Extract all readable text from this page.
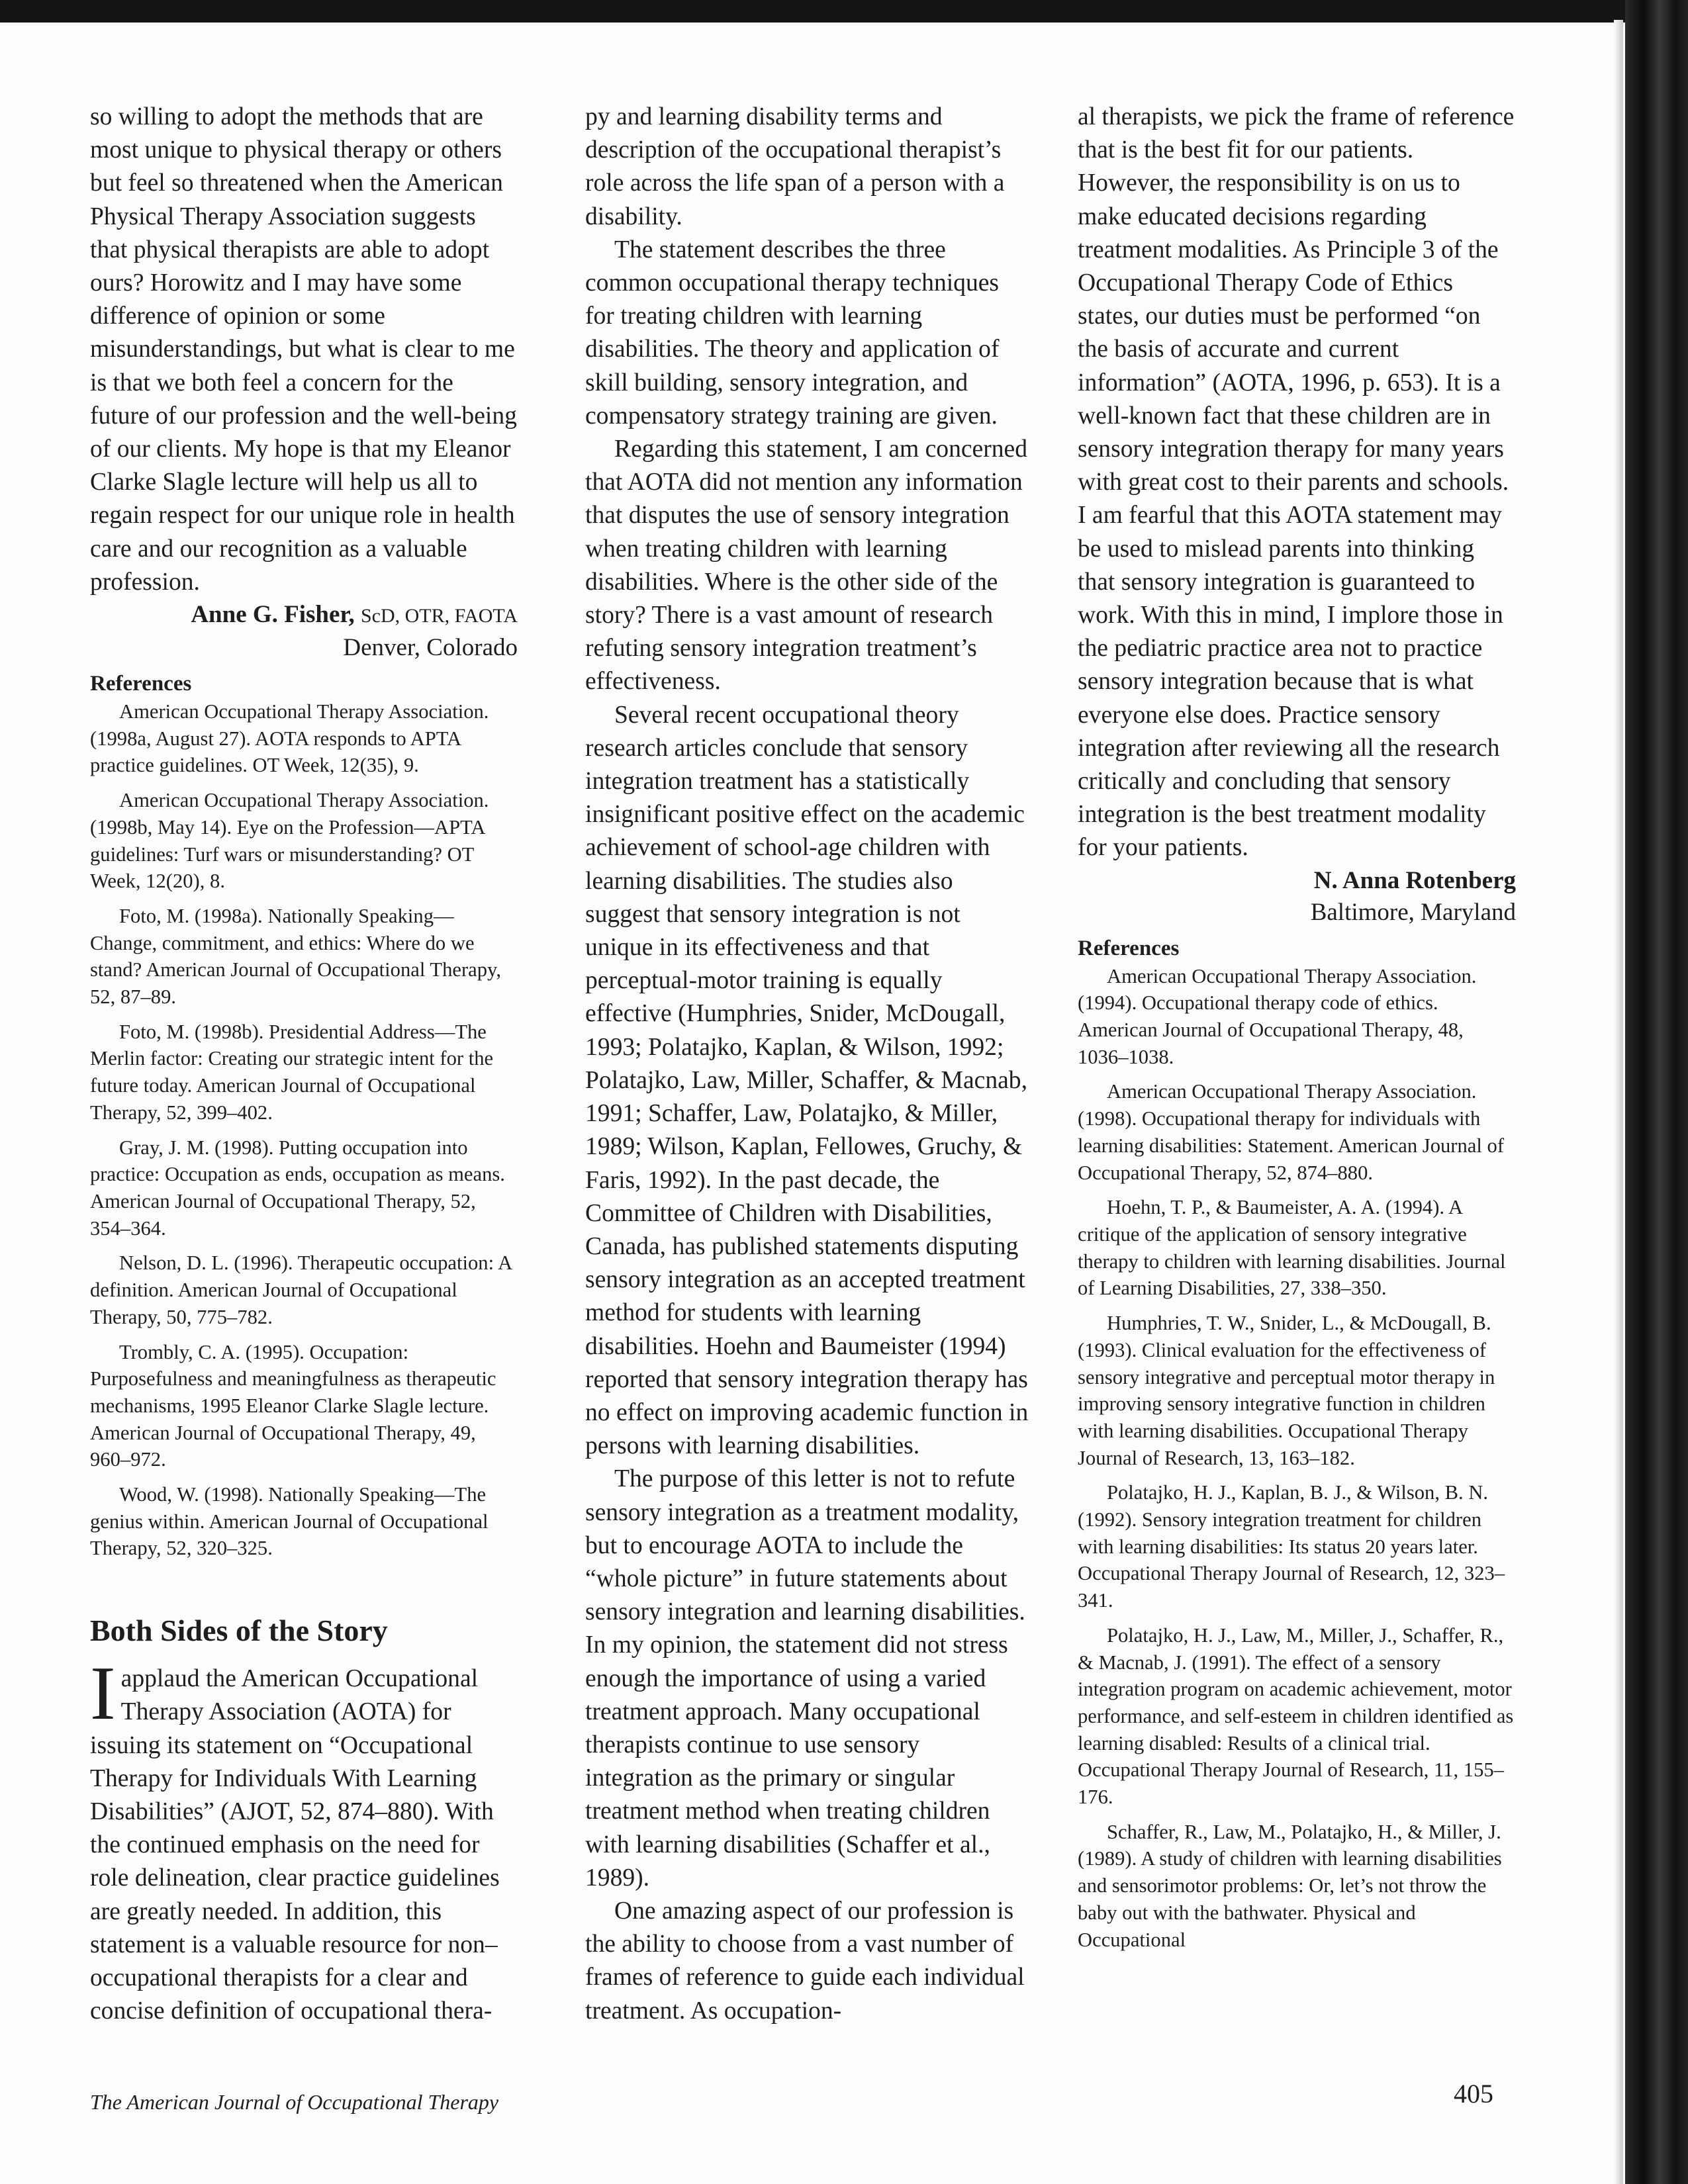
so willing to adopt the methods that are most unique to physical therapy or others but feel so threatened when the American Physical Therapy Association suggests that physical therapists are able to adopt ours? Horowitz and I may have some difference of opinion or some misunderstandings, but what is clear to me is that we both feel a concern for the future of our profession and the well-being of our clients. My hope is that my Eleanor Clarke Slagle lecture will help us all to regain respect for our unique role in health care and our recognition as a valuable profession.

Anne G. Fisher, ScD, OTR, FAOTA
Denver, Colorado
References

American Occupational Therapy Association. (1998a, August 27). AOTA responds to APTA practice guidelines. OT Week, 12(35), 9.

American Occupational Therapy Association. (1998b, May 14). Eye on the Profession—APTA guidelines: Turf wars or misunderstanding? OT Week, 12(20), 8.

Foto, M. (1998a). Nationally Speaking—Change, commitment, and ethics: Where do we stand? American Journal of Occupational Therapy, 52, 87–89.

Foto, M. (1998b). Presidential Address—The Merlin factor: Creating our strategic intent for the future today. American Journal of Occupational Therapy, 52, 399–402.

Gray, J. M. (1998). Putting occupation into practice: Occupation as ends, occupation as means. American Journal of Occupational Therapy, 52, 354–364.

Nelson, D. L. (1996). Therapeutic occupation: A definition. American Journal of Occupational Therapy, 50, 775–782.

Trombly, C. A. (1995). Occupation: Purposefulness and meaningfulness as therapeutic mechanisms, 1995 Eleanor Clarke Slagle lecture. American Journal of Occupational Therapy, 49, 960–972.

Wood, W. (1998). Nationally Speaking—The genius within. American Journal of Occupational Therapy, 52, 320–325.

Both Sides of the Story

Iapplaud the American Occupational Therapy Association (AOTA) for issuing its statement on “Occupational Therapy for Individuals With Learning Disabilities” (AJOT, 52, 874–880). With the continued emphasis on the need for role delineation, clear practice guidelines are greatly needed. In addition, this statement is a valuable resource for non–occupational therapists for a clear and concise definition of occupational thera-

py and learning disability terms and description of the occupational therapist’s role across the life span of a person with a disability.

The statement describes the three common occupational therapy techniques for treating children with learning disabilities. The theory and application of skill building, sensory integration, and compensatory strategy training are given.

Regarding this statement, I am concerned that AOTA did not mention any information that disputes the use of sensory integration when treating children with learning disabilities. Where is the other side of the story? There is a vast amount of research refuting sensory integration treatment’s effectiveness.

Several recent occupational theory research articles conclude that sensory integration treatment has a statistically insignificant positive effect on the academic achievement of school-age children with learning disabilities. The studies also suggest that sensory integration is not unique in its effectiveness and that perceptual-motor training is equally effective (Humphries, Snider, McDougall, 1993; Polatajko, Kaplan, & Wilson, 1992; Polatajko, Law, Miller, Schaffer, & Macnab, 1991; Schaffer, Law, Polatajko, & Miller, 1989; Wilson, Kaplan, Fellowes, Gruchy, & Faris, 1992). In the past decade, the Committee of Children with Disabilities, Canada, has published statements disputing sensory integration as an accepted treatment method for students with learning disabilities. Hoehn and Baumeister (1994) reported that sensory integration therapy has no effect on improving academic function in persons with learning disabilities.

The purpose of this letter is not to refute sensory integration as a treatment modality, but to encourage AOTA to include the “whole picture” in future statements about sensory integration and learning disabilities. In my opinion, the statement did not stress enough the importance of using a varied treatment approach. Many occupational therapists continue to use sensory integration as the primary or singular treatment method when treating children with learning disabilities (Schaffer et al., 1989).

One amazing aspect of our profession is the ability to choose from a vast number of frames of reference to guide each individual treatment. As occupation-

al therapists, we pick the frame of reference that is the best fit for our patients. However, the responsibility is on us to make educated decisions regarding treatment modalities. As Principle 3 of the Occupational Therapy Code of Ethics states, our duties must be performed “on the basis of accurate and current information” (AOTA, 1996, p. 653). It is a well-known fact that these children are in sensory integration therapy for many years with great cost to their parents and schools. I am fearful that this AOTA statement may be used to mislead parents into thinking that sensory integration is guaranteed to work. With this in mind, I implore those in the pediatric practice area not to practice sensory integration because that is what everyone else does. Practice sensory integration after reviewing all the research critically and concluding that sensory integration is the best treatment modality for your patients.

N. Anna Rotenberg
Baltimore, Maryland
References

American Occupational Therapy Association. (1994). Occupational therapy code of ethics. American Journal of Occupational Therapy, 48, 1036–1038.

American Occupational Therapy Association. (1998). Occupational therapy for individuals with learning disabilities: Statement. American Journal of Occupational Therapy, 52, 874–880.

Hoehn, T. P., & Baumeister, A. A. (1994). A critique of the application of sensory integrative therapy to children with learning disabilities. Journal of Learning Disabilities, 27, 338–350.

Humphries, T. W., Snider, L., & McDougall, B. (1993). Clinical evaluation for the effectiveness of sensory integrative and perceptual motor therapy in improving sensory integrative function in children with learning disabilities. Occupational Therapy Journal of Research, 13, 163–182.

Polatajko, H. J., Kaplan, B. J., & Wilson, B. N. (1992). Sensory integration treatment for children with learning disabilities: Its status 20 years later. Occupational Therapy Journal of Research, 12, 323–341.

Polatajko, H. J., Law, M., Miller, J., Schaffer, R., & Macnab, J. (1991). The effect of a sensory integration program on academic achievement, motor performance, and self-esteem in children identified as learning disabled: Results of a clinical trial. Occupational Therapy Journal of Research, 11, 155–176.

Schaffer, R., Law, M., Polatajko, H., & Miller, J. (1989). A study of children with learning disabilities and sensorimotor problems: Or, let’s not throw the baby out with the bathwater. Physical and Occupational

The American Journal of Occupational Therapy	405
